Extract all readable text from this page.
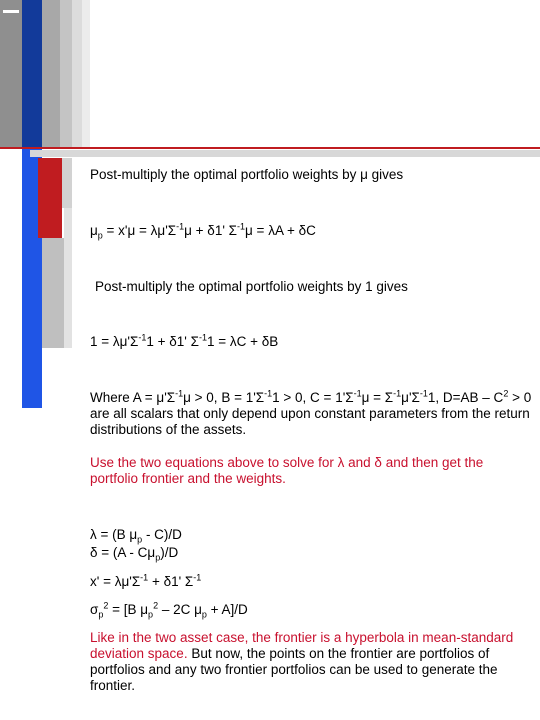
Post-multiply the optimal portfolio weights by μ gives
$\mu_p = x'\mu = \lambda\mu'\Sigma^{-1}\mu + \delta 1'$ $\Sigma^{-1}\mu = \lambda A + \delta C$
Post-multiply the optimal portfolio weights by 1 gives
$1 = \lambda\mu'\Sigma^{-1}1 + \delta 1'$ $\Sigma^{-1}1 = \lambda C + \delta B$
Where $A = \mu'\Sigma^{-1}\mu > 0$, $B = 1'\Sigma^{-1}1 > 0$, $C = 1'\Sigma^{-1}\mu = \Sigma^{-1}\mu'\Sigma^{-1}1$, $D=AB - C^2 > 0$ are all scalars that only depend upon constant parameters from the return distributions of the assets.
Use the two equations above to solve for λ and δ and then get the portfolio frontier and the weights.
λ = (B $\mu_p - C)/D$
$\delta = (A - C\mu_p)/D$
$x' = \lambda\mu'\Sigma^{-1} + \delta 1'$ $\Sigma^{-1}$
$\sigma_p^2 = [B$ $\mu_p^2 - 2C$ $\mu_p + A]/D$
Like in the two asset case, the frontier is a hyperbola in mean-standard deviation space. But now, the points on the frontier are portfolios of portfolios and any two frontier portfolios can be used to generate the frontier.
